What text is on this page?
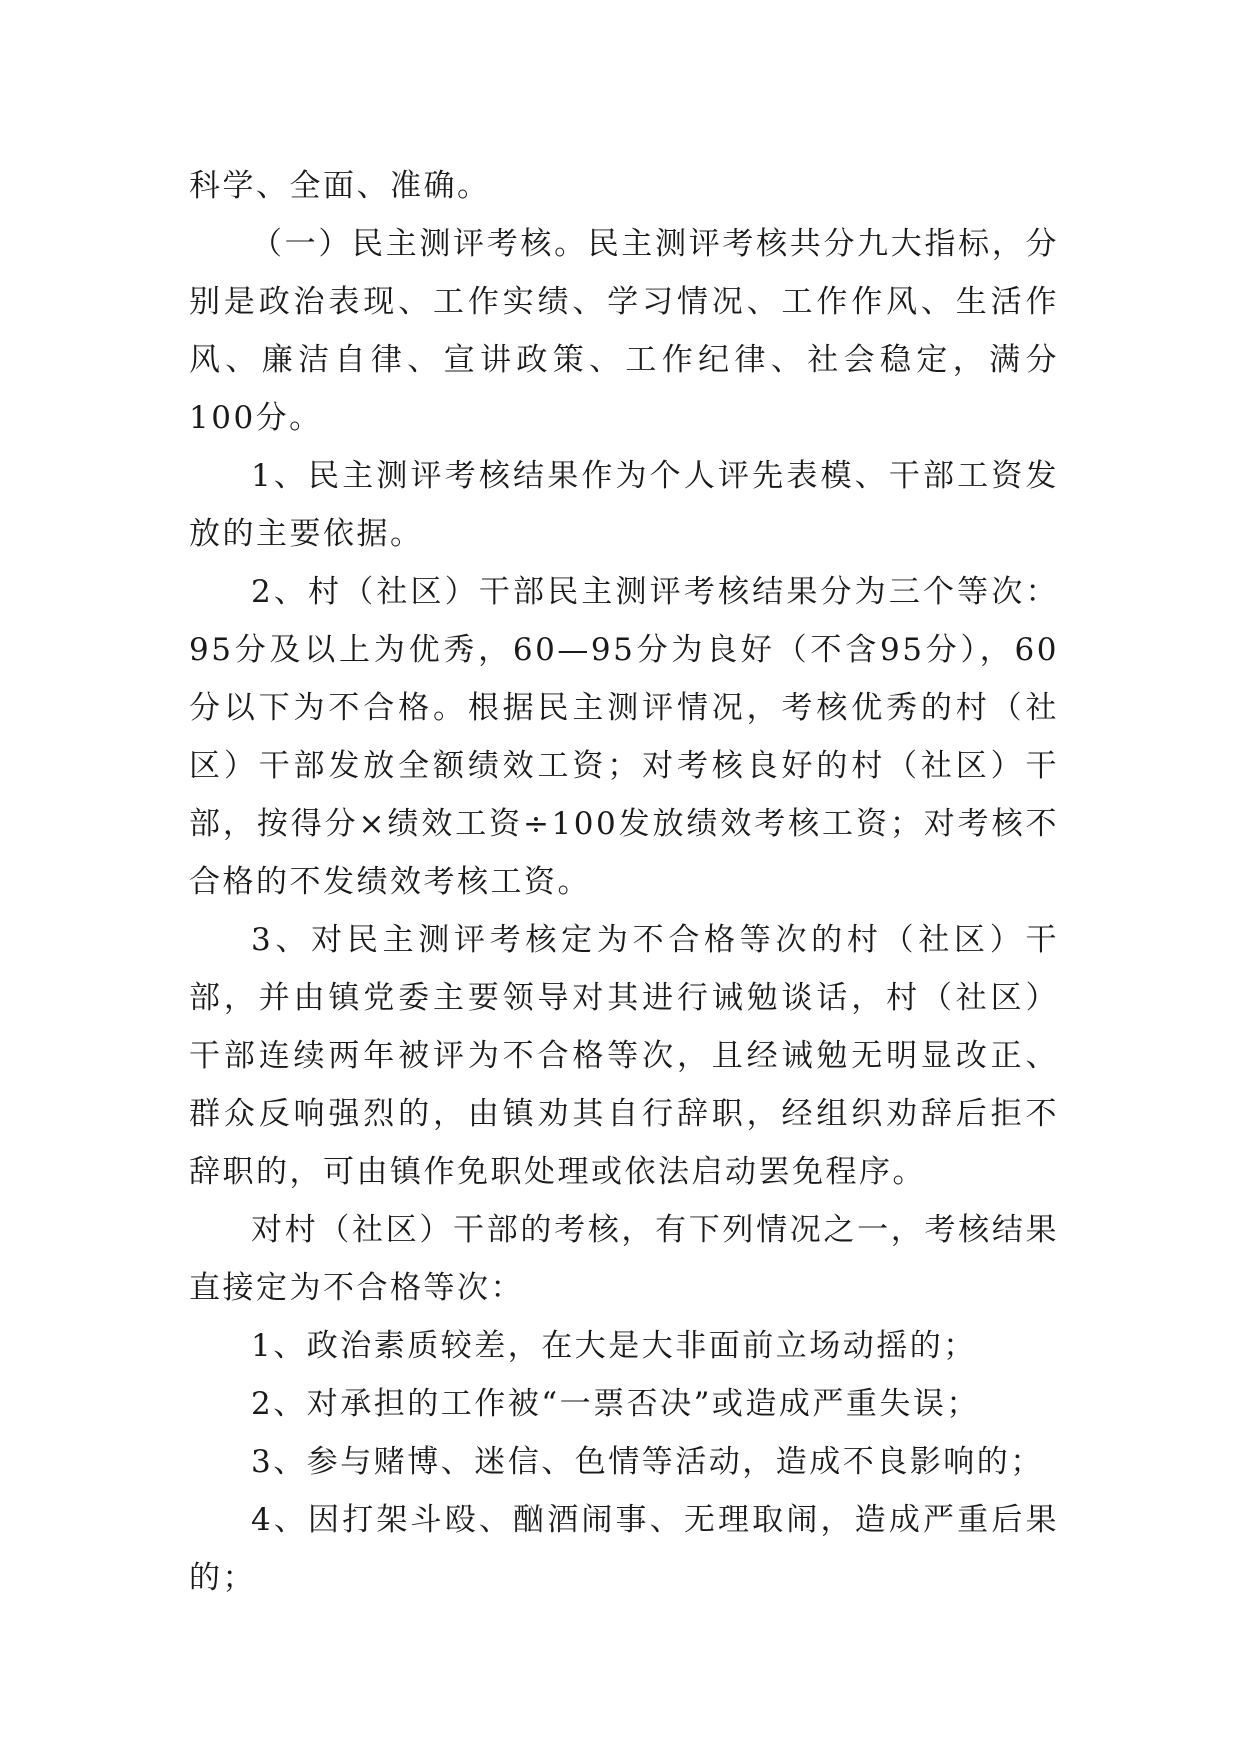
科学、全面、准确。

（一）民主测评考核。民主测评考核共分九大指标，分别是政治表现、工作实绩、学习情况、工作作风、生活作风、廉洁自律、宣讲政策、工作纪律、社会稳定，满分100分。

1、民主测评考核结果作为个人评先表模、干部工资发放的主要依据。

2、村（社区）干部民主测评考核结果分为三个等次：95分及以上为优秀，60—95分为良好（不含95分），60分以下为不合格。根据民主测评情况，考核优秀的村（社区）干部发放全额绩效工资；对考核良好的村（社区）干部，按得分×绩效工资÷100发放绩效考核工资；对考核不合格的不发绩效考核工资。

3、对民主测评考核定为不合格等次的村（社区）干部，并由镇党委主要领导对其进行诫勉谈话，村（社区）干部连续两年被评为不合格等次，且经诫勉无明显改正、群众反响强烈的，由镇劝其自行辞职，经组织劝辞后拒不辞职的，可由镇作免职处理或依法启动罢免程序。

对村（社区）干部的考核，有下列情况之一，考核结果直接定为不合格等次：

1、政治素质较差，在大是大非面前立场动摇的；

2、对承担的工作被“一票否决”或造成严重失误；

3、参与赌博、迷信、色情等活动，造成不良影响的；

4、因打架斗殴、酗酒闹事、无理取闹，造成严重后果的；
